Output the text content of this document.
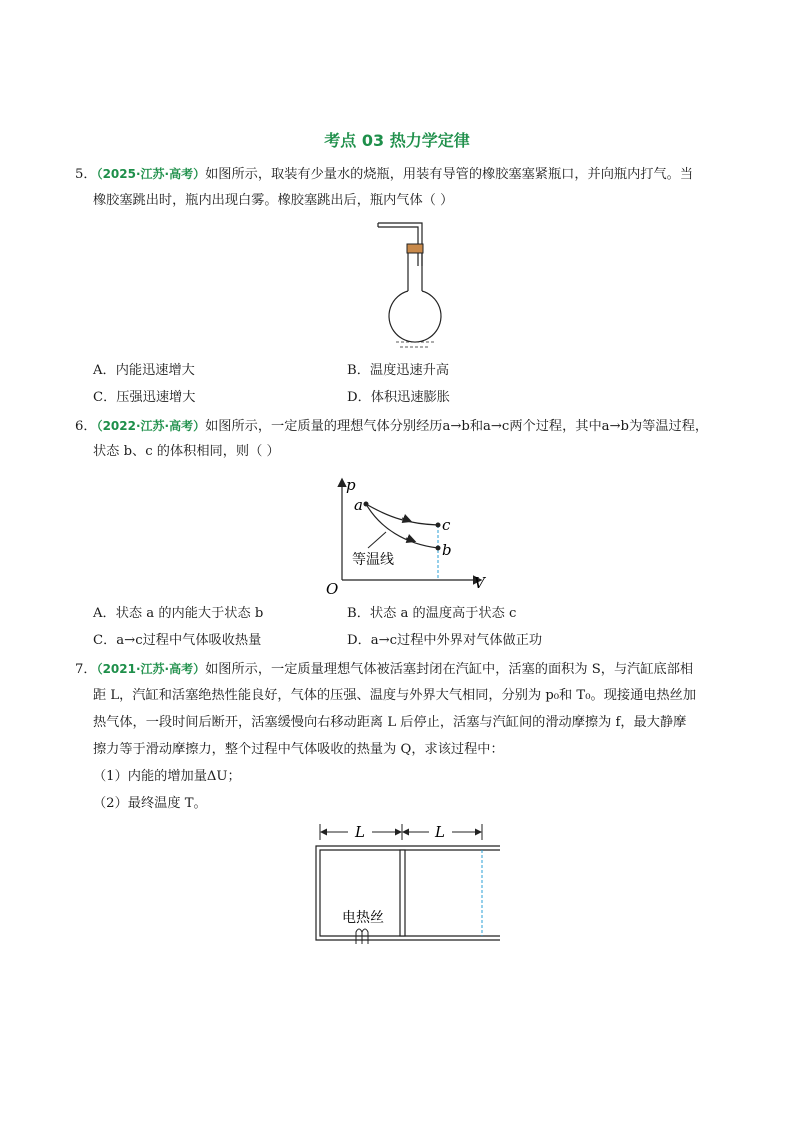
考点 03 热力学定律
5．（2025·江苏·高考）如图所示，取装有少量水的烧瓶，用装有导管的橡胶塞塞紧瓶口，并向瓶内打气。当
橡胶塞跳出时，瓶内出现白雾。橡胶塞跳出后，瓶内气体（ ）
A．内能迅速增大	B．温度迅速升高
C．压强迅速增大	D．体积迅速膨胀
6．（2022·江苏·高考）如图所示，一定质量的理想气体分别经历a→b和a→c两个过程，其中a→b为等温过程，
状态 b、c 的体积相同，则（ ）
p
V
O
a
c
b
等温线
A．状态 a 的内能大于状态 b	B．状态 a 的温度高于状态 c
C．a→c过程中气体吸收热量	D．a→c过程中外界对气体做正功
7．（2021·江苏·高考）如图所示，一定质量理想气体被活塞封闭在汽缸中，活塞的面积为 S，与汽缸底部相
距 L，汽缸和活塞绝热性能良好，气体的压强、温度与外界大气相同，分别为 p₀和 T₀。现接通电热丝加
热气体，一段时间后断开，活塞缓慢向右移动距离 L 后停止，活塞与汽缸间的滑动摩擦为 f，最大静摩
擦力等于滑动摩擦力，整个过程中气体吸收的热量为 Q，求该过程中：
（1）内能的增加量ΔU；
（2）最终温度 T。
L	L
电热丝
